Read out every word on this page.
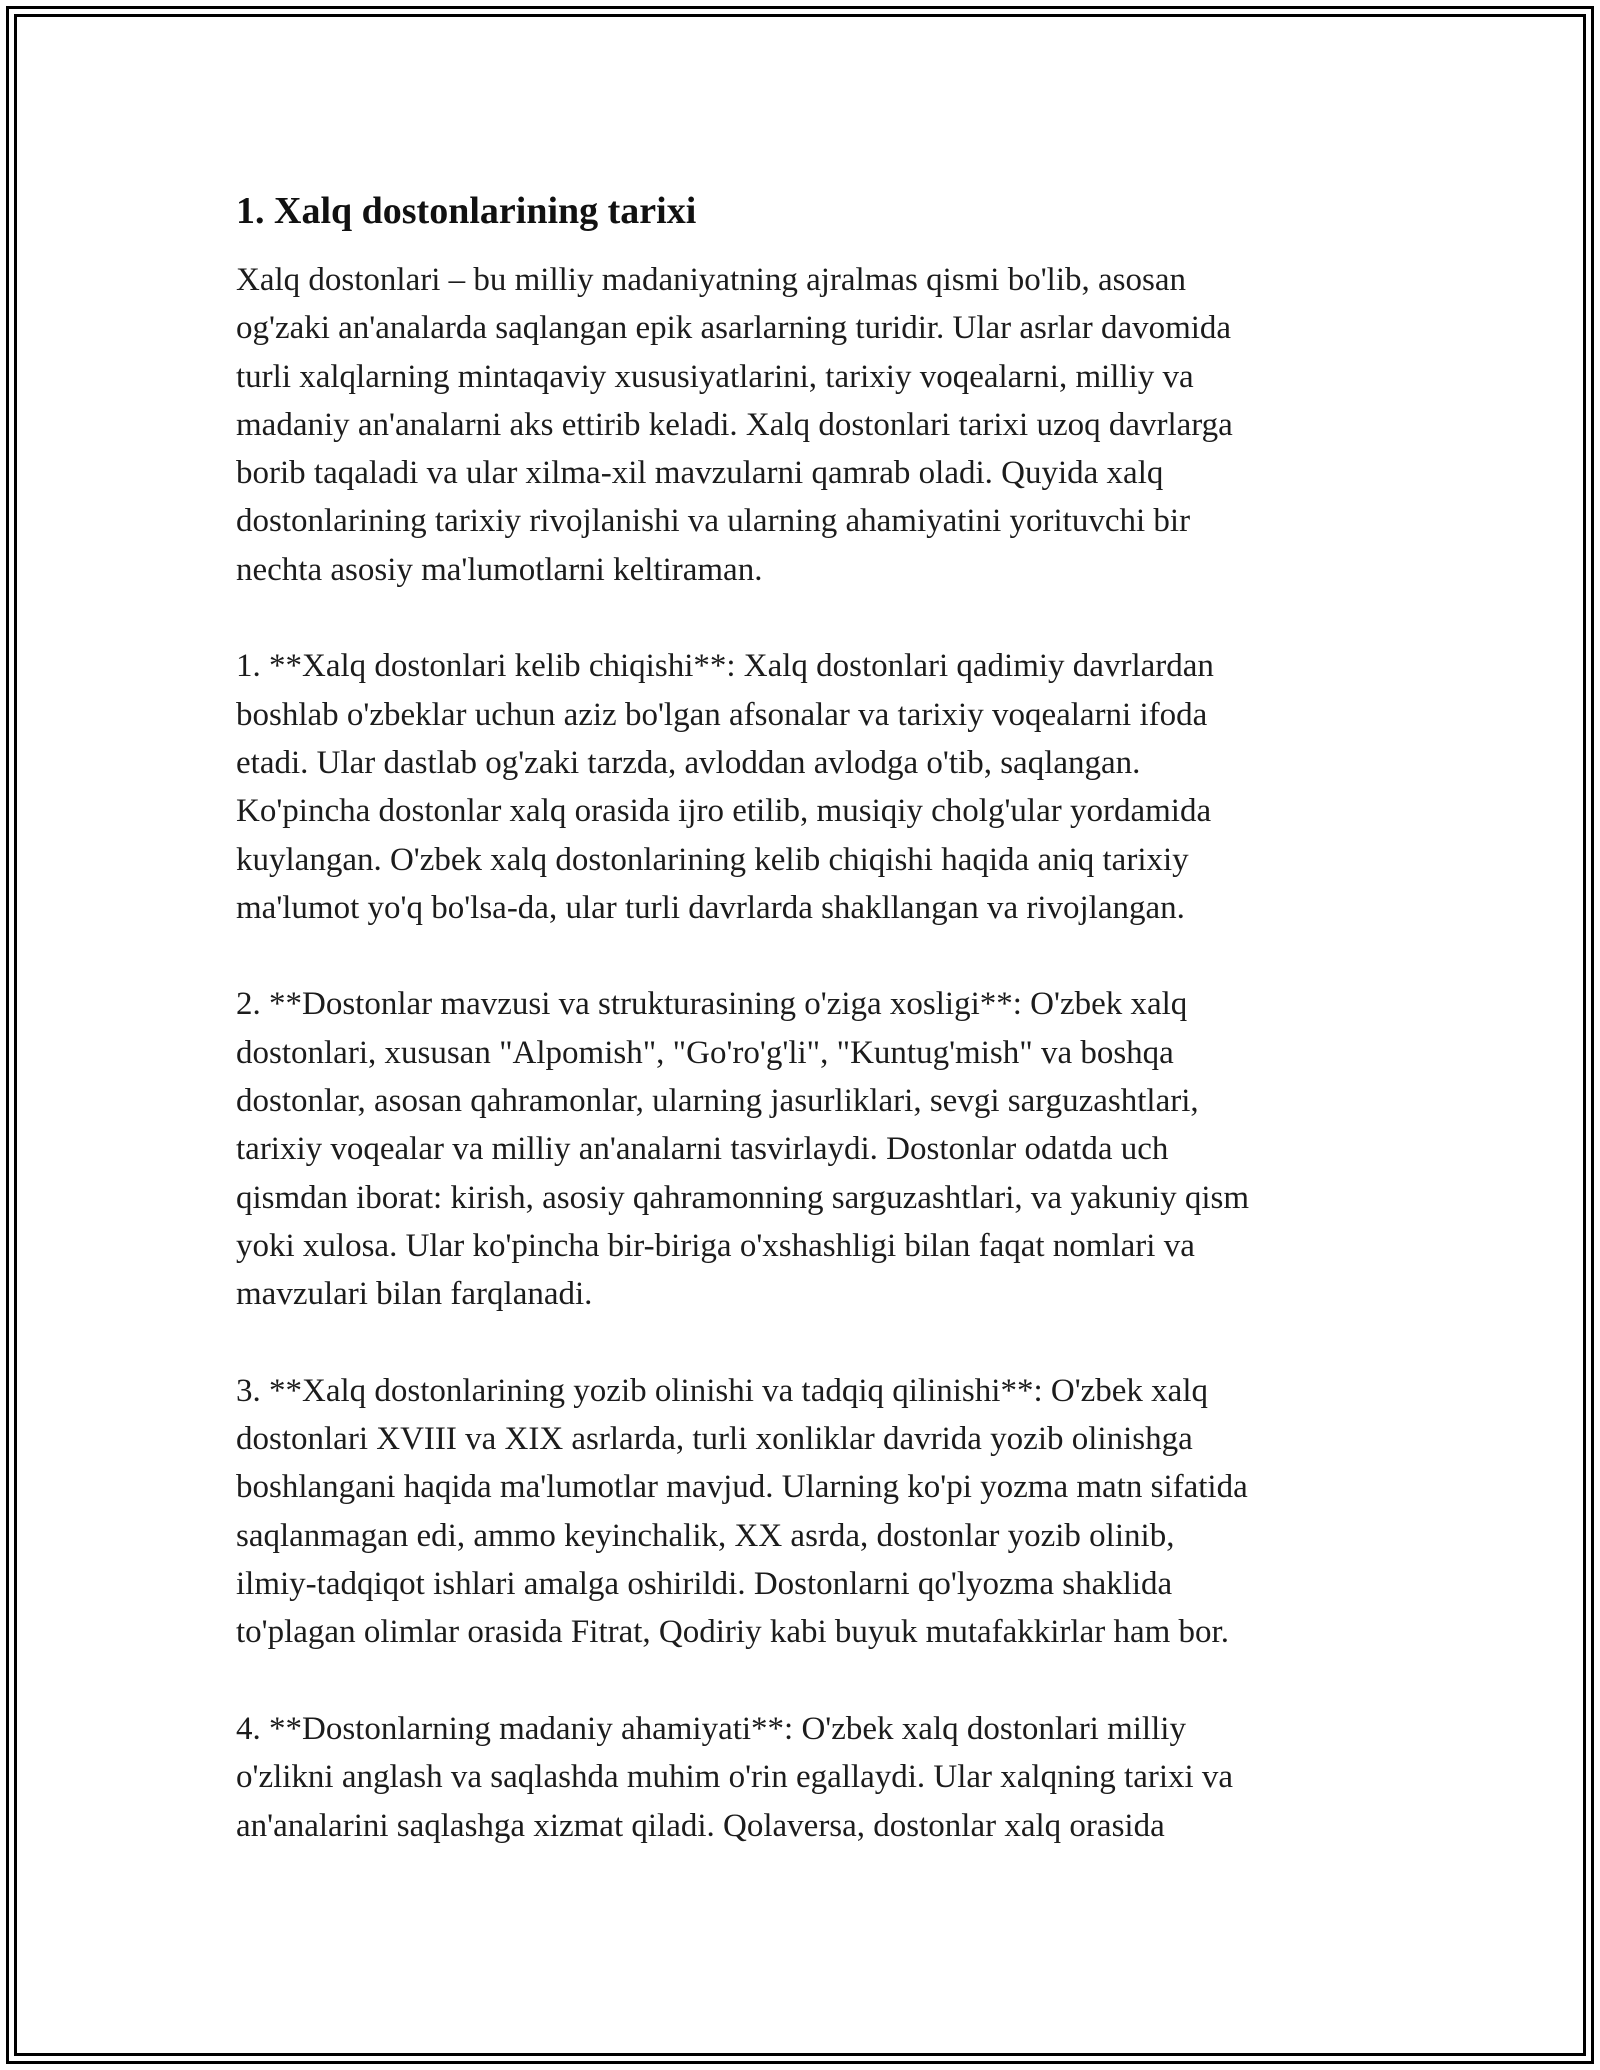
1. Xalq dostonlarining tarixi
Xalq dostonlari – bu milliy madaniyatning ajralmas qismi bo'lib, asosan
og'zaki an'analarda saqlangan epik asarlarning turidir. Ular asrlar davomida
turli xalqlarning mintaqaviy xususiyatlarini, tarixiy voqealarni, milliy va
madaniy an'analarni aks ettirib keladi. Xalq dostonlari tarixi uzoq davrlarga
borib taqaladi va ular xilma-xil mavzularni qamrab oladi. Quyida xalq
dostonlarining tarixiy rivojlanishi va ularning ahamiyatini yorituvchi bir
nechta asosiy ma'lumotlarni keltiraman.
1. **Xalq dostonlari kelib chiqishi**: Xalq dostonlari qadimiy davrlardan
boshlab o'zbeklar uchun aziz bo'lgan afsonalar va tarixiy voqealarni ifoda
etadi. Ular dastlab og'zaki tarzda, avloddan avlodga o'tib, saqlangan.
Ko'pincha dostonlar xalq orasida ijro etilib, musiqiy cholg'ular yordamida
kuylangan. O'zbek xalq dostonlarining kelib chiqishi haqida aniq tarixiy
ma'lumot yo'q bo'lsa-da, ular turli davrlarda shakllangan va rivojlangan.
2. **Dostonlar mavzusi va strukturasining o'ziga xosligi**: O'zbek xalq
dostonlari, xususan "Alpomish", "Go'ro'g'li", "Kuntug'mish" va boshqa
dostonlar, asosan qahramonlar, ularning jasurliklari, sevgi sarguzashtlari,
tarixiy voqealar va milliy an'analarni tasvirlaydi. Dostonlar odatda uch
qismdan iborat: kirish, asosiy qahramonning sarguzashtlari, va yakuniy qism
yoki xulosa. Ular ko'pincha bir-biriga o'xshashligi bilan faqat nomlari va
mavzulari bilan farqlanadi.
3. **Xalq dostonlarining yozib olinishi va tadqiq qilinishi**: O'zbek xalq
dostonlari XVIII va XIX asrlarda, turli xonliklar davrida yozib olinishga
boshlangani haqida ma'lumotlar mavjud. Ularning ko'pi yozma matn sifatida
saqlanmagan edi, ammo keyinchalik, XX asrda, dostonlar yozib olinib,
ilmiy-tadqiqot ishlari amalga oshirildi. Dostonlarni qo'lyozma shaklida
to'plagan olimlar orasida Fitrat, Qodiriy kabi buyuk mutafakkirlar ham bor.
4. **Dostonlarning madaniy ahamiyati**: O'zbek xalq dostonlari milliy
o'zlikni anglash va saqlashda muhim o'rin egallaydi. Ular xalqning tarixi va
an'analarini saqlashga xizmat qiladi. Qolaversa, dostonlar xalq orasida
